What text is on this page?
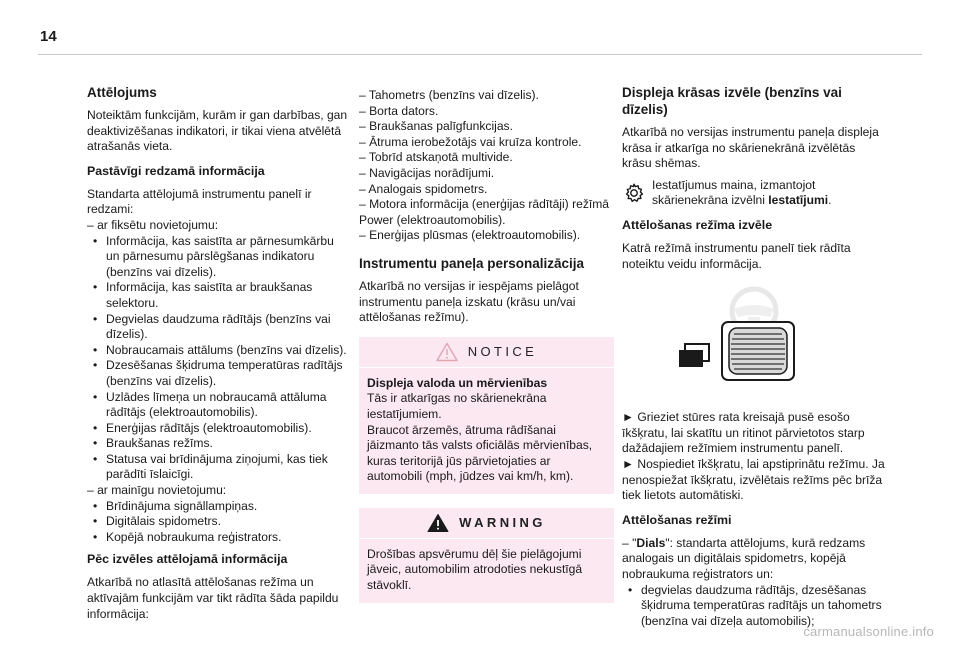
14
Attēlojums

Noteiktām funkcijām, kurām ir gan darbības, gan deaktivizēšanas indikatori, ir tikai viena atvēlētā atrašanās vieta.

Pastāvīgi redzamā informācija
Standarta attēlojumā instrumentu panelī ir redzami:
– ar fiksētu novietojumu:
• Informācija, kas saistīta ar pārnesumkārbu un pārnesumu pārslēgšanas indikatoru (benzīns vai dīzelis).
• Informācija, kas saistīta ar braukšanas selektoru.
• Degvielas daudzuma rādītājs (benzīns vai dīzelis).
• Nobraucamais attālums (benzīns vai dīzelis).
• Dzesēšanas šķidruma temperatūras radītājs (benzīns vai dīzelis).
• Uzlādes līmeņa un nobraucamā attāluma rādītājs (elektroautomobilis).
• Enerģijas rādītājs (elektroautomobilis).
• Braukšanas režīms.
• Statusa vai brīdinājuma ziņojumi, kas tiek parādīti īslaicīgi.
– ar mainīgu novietojumu:
• Brīdinājuma signāllampiņas.
• Digitālais spidometrs.
• Kopējā nobraukuma reģistrators.
Pēc izvēles attēlojamā informācija
Atkarībā no atlasītā attēlošanas režīma un aktīvajām funkcijām var tikt rādīta šāda papildu informācija:
– Tahometrs (benzīns vai dīzelis).
– Borta dators.
– Braukšanas palīgfunkcijas.
– Ātruma ierobežotājs vai kruīza kontrole.
– Tobrīd atskaņotā multivide.
– Navigācijas norādījumi.
– Analogais spidometrs.
– Motora informācija (enerģijas rādītāji) režīmā Power (elektroautomobilis).
– Enerģijas plūsmas (elektroautomobilis).
Instrumentu paneļa personalizācija

Atkarībā no versijas ir iespējams pielāgot instrumentu paneļa izskatu (krāsu un/vai attēlošanas režīmu).

NOTICE
Displeja valoda un mērvienības
Tās ir atkarīgas no skārienekrāna iestatījumiem.
Braucot ārzemēs, ātruma rādīšanai jāizmanto tās valsts oficiālās mērvienības, kuras teritorijā jūs pārvietojaties ar automobili (mph, jūdzes vai km/h, km).
WARNING
Drošības apsvērumu dēļ šie pielāgojumi jāveic, automobilim atrodoties nekustīgā stāvoklī.
Displeja krāsas izvēle (benzīns vai dīzelis)

Atkarībā no versijas instrumentu paneļa displeja krāsa ir atkarīga no skārienekrānā izvēlētās krāsu shēmas.

Iestatījumus maina, izmantojot skārienekrāna izvēlni Iestatījumi.
Attēlošanas režīma izvēle

Katrā režīmā instrumentu panelī tiek rādīta noteiktu veidu informācija.

► Grieziet stūres rata kreisajā pusē esošo īkšķratu, lai skatītu un ritinot pārvietotos starp dažādajiem režīmiem instrumentu panelī.

► Nospiediet īkšķratu, lai apstiprinātu režīmu. Ja nenospiežat īkšķratu, izvēlētais režīms pēc brīža tiek lietots automātiski.

Attēlošanas režīmi
– "Dials": standarta attēlojums, kurā redzams analogais un digitālais spidometrs, kopējā nobraukuma reģistrators un:
• degvielas daudzuma rādītājs, dzesēšanas šķidruma temperatūras radītājs un tahometrs (benzīna vai dīzeļa automobilis);
carmanualsonline.info
